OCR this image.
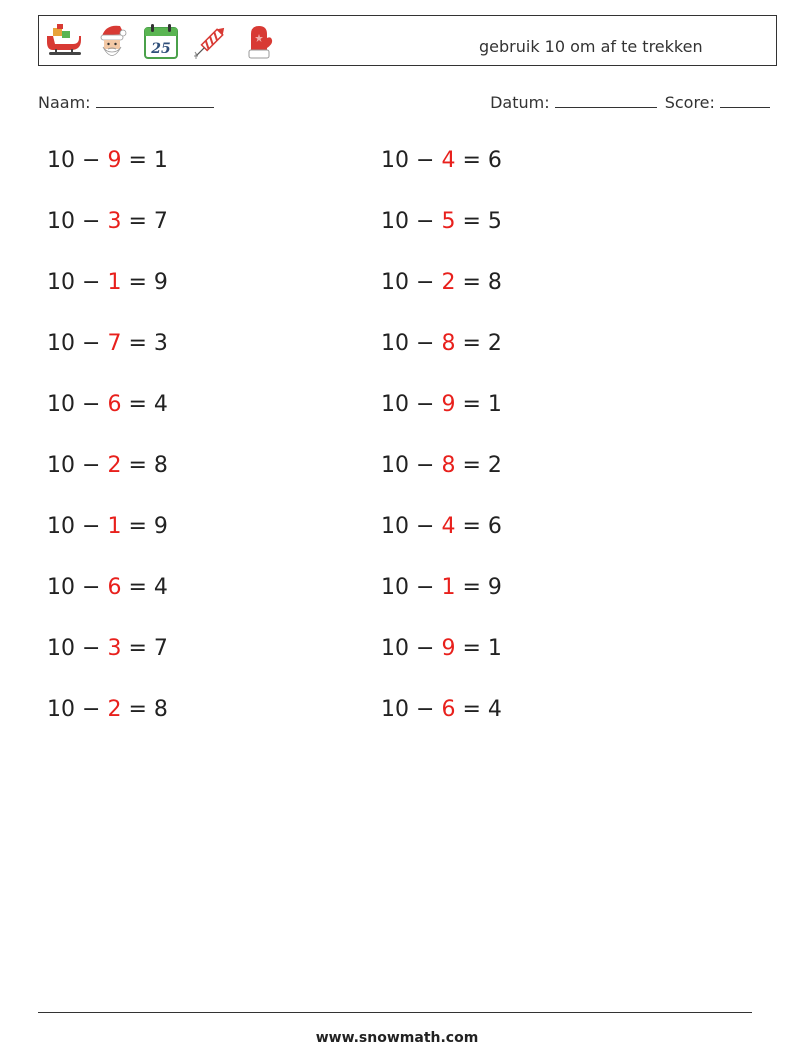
25	gebruik 10 om af te trekken
Naam:	Datum:	Score:
10 − 9 = 1
10 − 3 = 7
10 − 1 = 9
10 − 7 = 3
10 − 6 = 4
10 − 2 = 8
10 − 1 = 9
10 − 6 = 4
10 − 3 = 7
10 − 2 = 8
10 − 4 = 6
10 − 5 = 5
10 − 2 = 8
10 − 8 = 2
10 − 9 = 1
10 − 8 = 2
10 − 4 = 6
10 − 1 = 9
10 − 9 = 1
10 − 6 = 4
www.snowmath.com
